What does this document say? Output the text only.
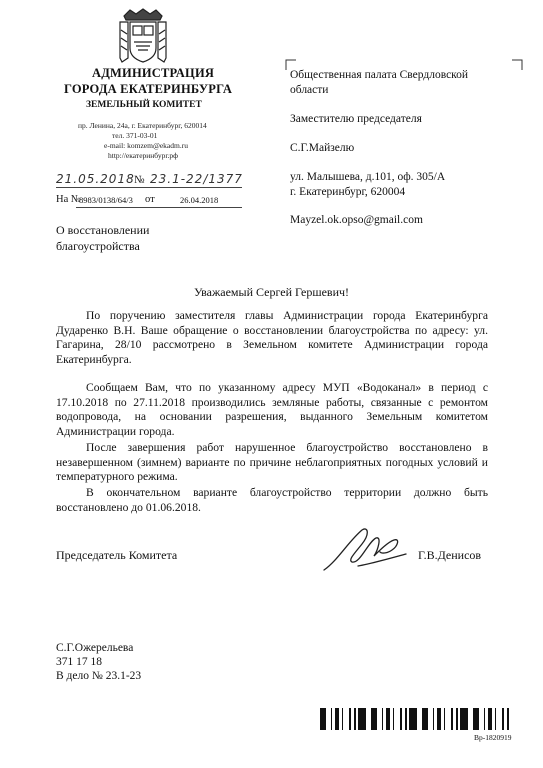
АДМИНИСТРАЦИЯ
ГОРОДА ЕКАТЕРИНБУРГА
ЗЕМЕЛЬНЫЙ КОМИТЕТ
пр. Ленина, 24а, г. Екатеринбург, 620014
тел. 371-03-01
e-mail: komzem@ekadm.ru
http://екатеринбург.рф
21.05.2018 № 23.1-22/1377
На №
8983/0138/64/3 от	26.04.2018
О восстановлении
благоустройства
Общественная палата Свердловской
области
Заместителю председателя
С.Г.Майзелю
ул. Малышева, д.101, оф. 305/А
г. Екатеринбург, 620004
Mayzel.ok.opso@gmail.com
Уважаемый Сергей Гершевич!
По поручению заместителя главы Администрации города Екатеринбурга Дударенко В.Н. Ваше обращение о восстановлении благоустройства по адресу: ул. Гагарина, 28/10 рассмотрено в Земельном комитете Администрации города Екатеринбурга.
Сообщаем Вам, что по указанному адресу МУП «Водоканал» в период с 17.10.2018 по 27.11.2018 производились земляные работы, связанные с ремонтом водопровода, на основании разрешения, выданного Земельным комитетом Администрации города.
После завершения работ нарушенное благоустройство восстановлено в незавершенном (зимнем) варианте по причине неблагоприятных погодных условий и температурного режима.
В окончательном варианте благоустройство территории должно быть восстановлено до 01.06.2018.
Председатель Комитета	Г.В.Денисов
С.Г.Ожерельева
371 17 18
В дело № 23.1-23
Вр-1820919
